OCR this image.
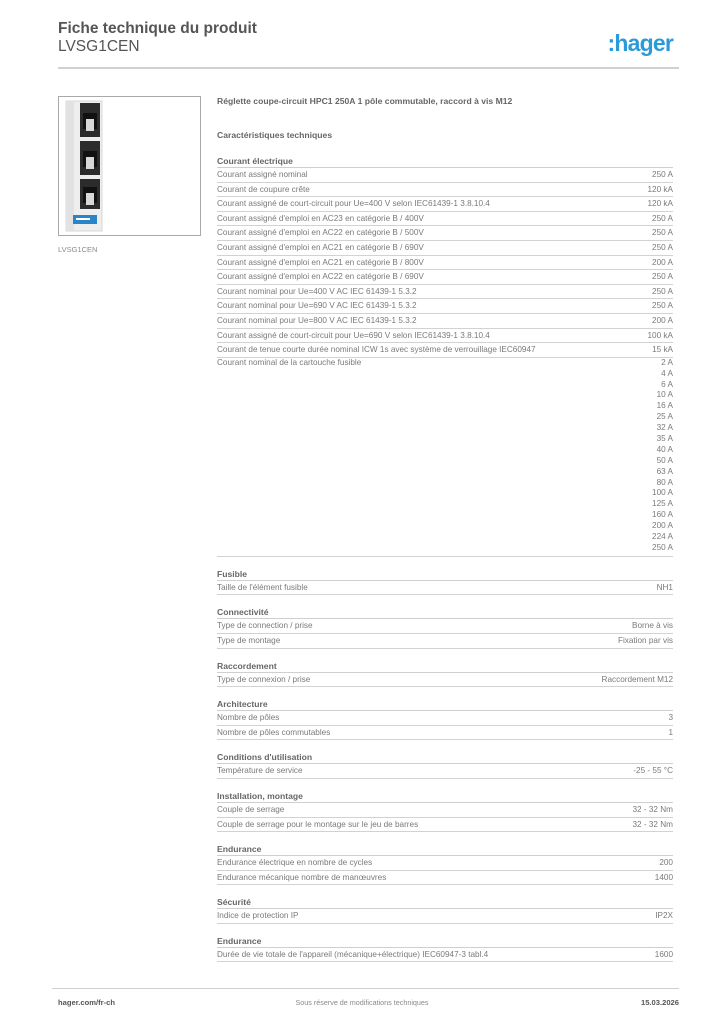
Fiche technique du produit
LVSG1CEN	:hager
LVSG1CEN
Réglette coupe-circuit HPC1 250A 1 pôle commutable, raccord à vis M12
Caractéristiques techniques
Courant électrique
Courant assigné nominal	250 A
Courant de coupure crête	120 kA
Courant assigné de court-circuit pour Ue=400 V selon IEC61439-1 3.8.10.4	120 kA
Courant assigné d'emploi en AC23 en catégorie B / 400V	250 A
Courant assigné d'emploi en AC22 en catégorie B / 500V	250 A
Courant assigné d'emploi en AC21 en catégorie B / 690V	250 A
Courant assigné d'emploi en AC21 en catégorie B / 800V	200 A
Courant assigné d'emploi en AC22 en catégorie B / 690V	250 A
Courant nominal pour Ue=400 V AC IEC 61439-1 5.3.2	250 A
Courant nominal pour Ue=690 V AC IEC 61439-1 5.3.2	250 A
Courant nominal pour Ue=800 V AC IEC 61439-1 5.3.2	200 A
Courant assigné de court-circuit pour Ue=690 V selon IEC61439-1 3.8.10.4	100 kA
Courant de tenue courte durée nominal ICW 1s avec système de verrouillage IEC60947	15 kA
Courant nominal de la cartouche fusible	2 A
4 A
6 A
10 A
16 A
25 A
32 A
35 A
40 A
50 A
63 A
80 A
100 A
125 A
160 A
200 A
224 A
250 A
Fusible
Taille de l'élément fusible	NH1
Connectivité
Type de connection / prise	Borne à vis
Type de montage	Fixation par vis
Raccordement
Type de connexion / prise	Raccordement M12
Architecture
Nombre de pôles	3
Nombre de pôles commutables	1
Conditions d'utilisation
Température de service	-25 - 55 °C
Installation, montage
Couple de serrage	32 - 32 Nm
Couple de serrage pour le montage sur le jeu de barres	32 - 32 Nm
Endurance
Endurance électrique en nombre de cycles	200
Endurance mécanique nombre de manœuvres	1400
Sécurité
Indice de protection IP	IP2X
Endurance
Durée de vie totale de l'appareil (mécanique+électrique) IEC60947-3 tabl.4	1600
hager.com/fr-ch	Sous réserve de modifications techniques	15.03.2026
